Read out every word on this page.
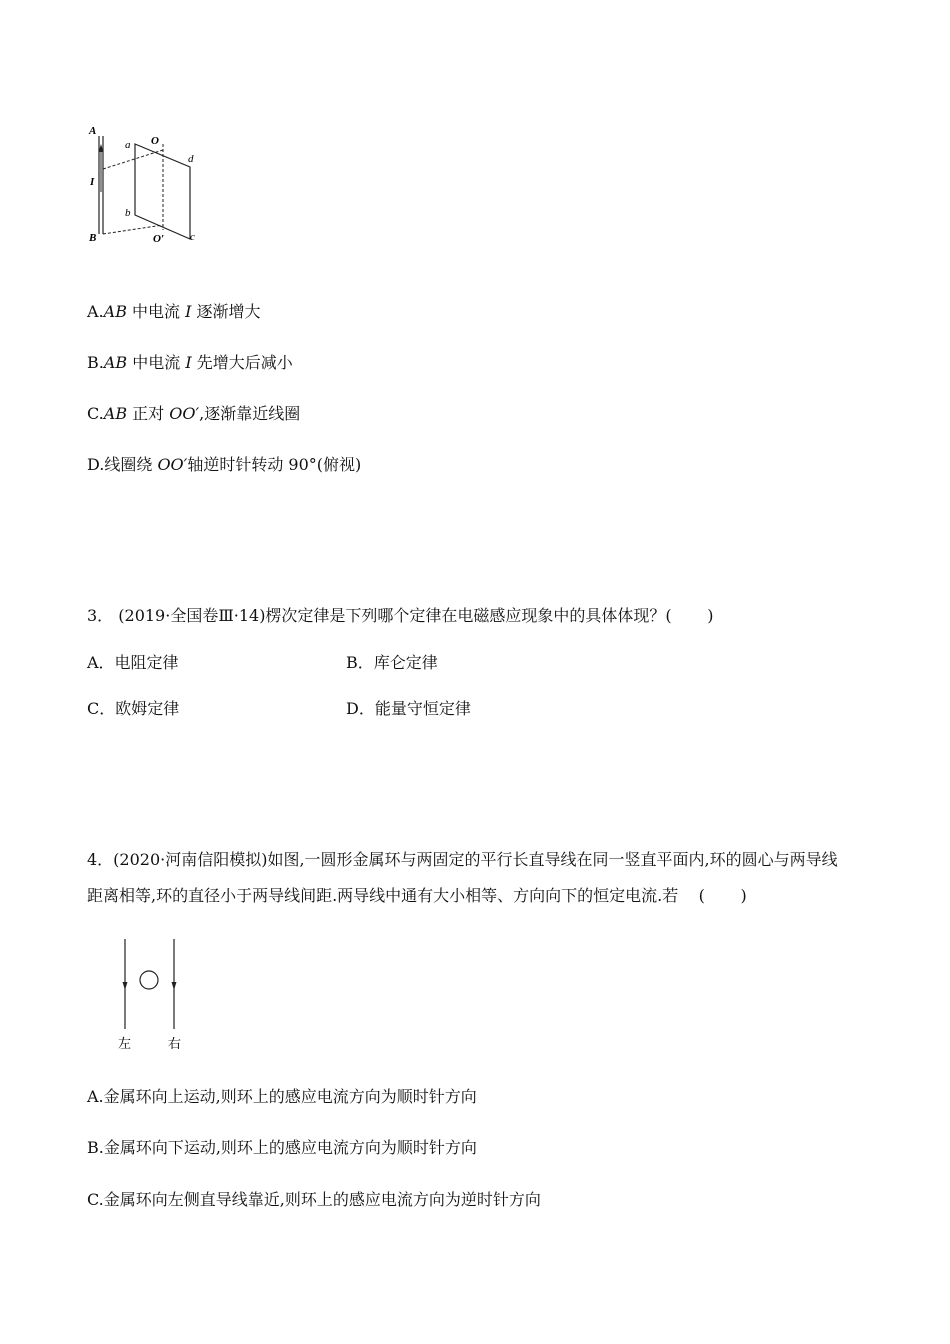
A
B
I
a
b
c
d
O
O′
A.AB 中电流 I 逐渐增大
B.AB 中电流 I 先增大后减小
C.AB 正对 OO′,逐渐靠近线圈
D.线圈绕 OO′轴逆时针转动 90°(俯视)
3． (2019·全国卷Ⅲ·14)楞次定律是下列哪个定律在电磁感应现象中的具体体现？(       )
A．电阻定律	B．库仑定律
C．欧姆定律	D．能量守恒定律
4．(2020·河南信阳模拟)如图,一圆形金属环与两固定的平行长直导线在同一竖直平面内,环的圆心与两导线
距离相等,环的直径小于两导线间距.两导线中通有大小相等、方向向下的恒定电流.若    (       )
左	右
A.金属环向上运动,则环上的感应电流方向为顺时针方向
B.金属环向下运动,则环上的感应电流方向为顺时针方向
C.金属环向左侧直导线靠近,则环上的感应电流方向为逆时针方向
